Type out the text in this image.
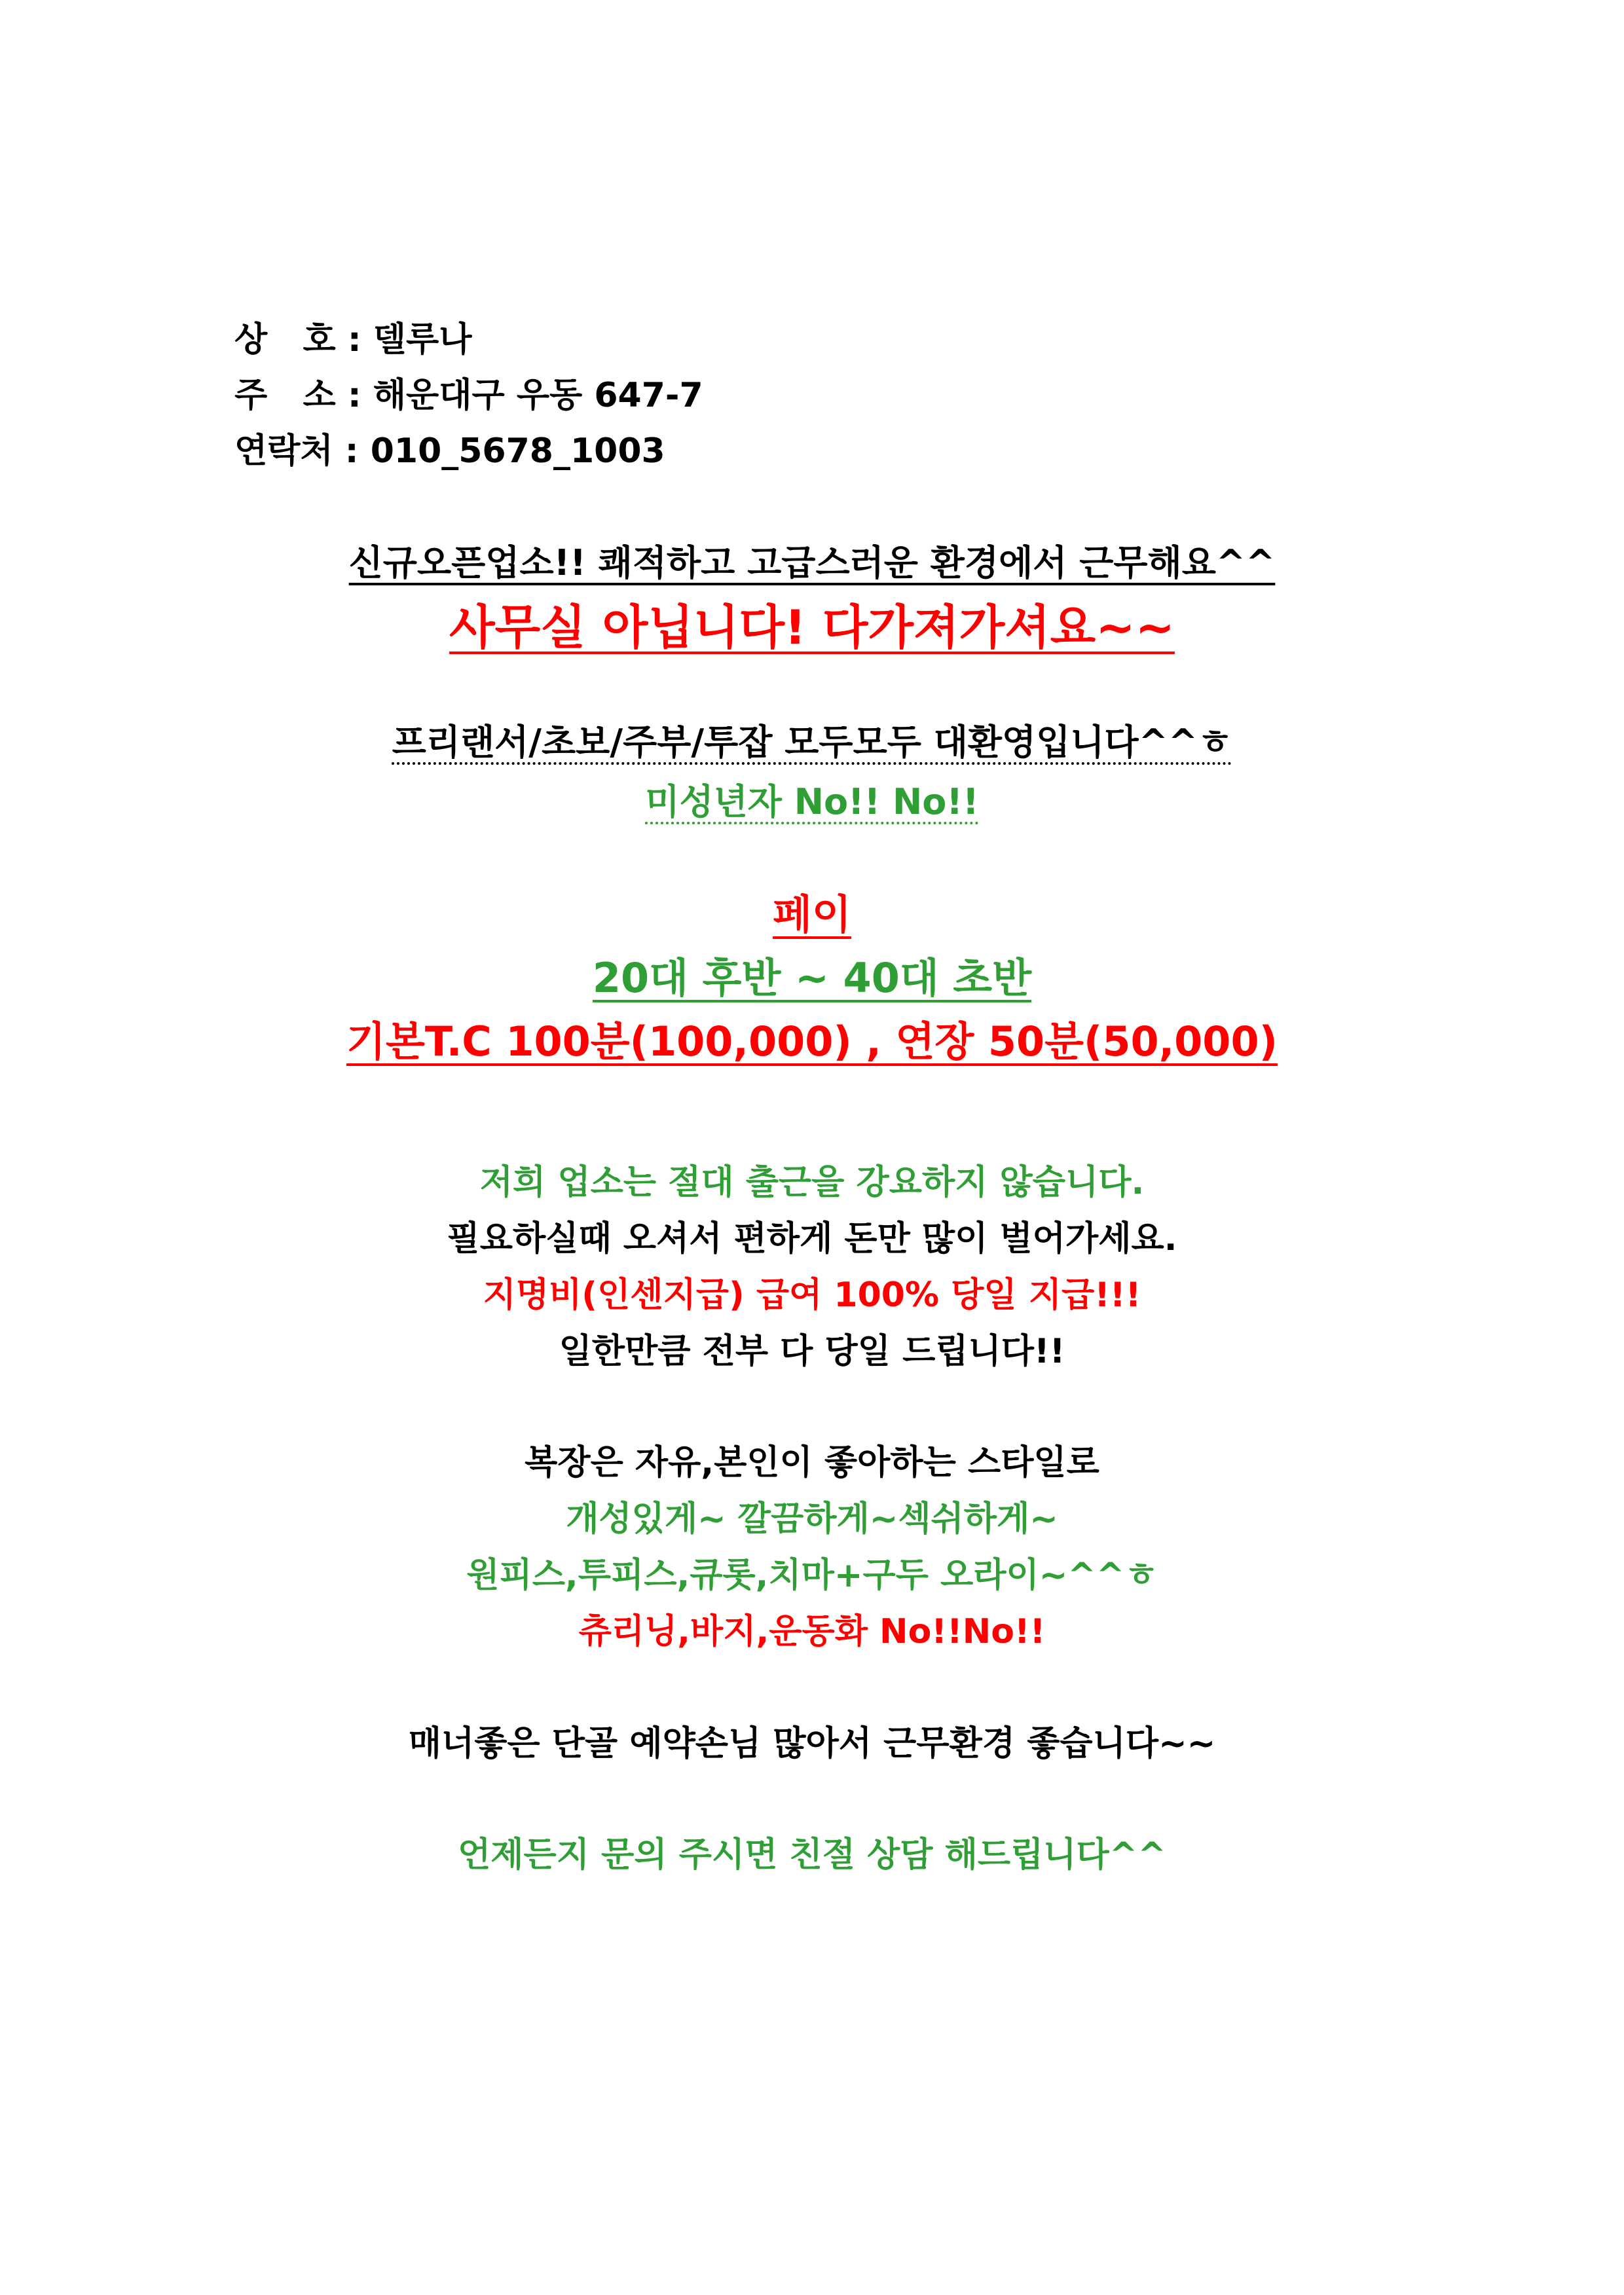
상   호 : 델루나
주   소 : 해운대구 우동 647-7
연락처 : 010_5678_1003
신규오픈업소!! 쾌적하고 고급스러운 환경에서 근무해요^^
사무실 아닙니다! 다가져가셔요~~
프리랜서/초보/주부/투잡 모두모두 대환영입니다^^ㅎ
미성년자 No!! No!!
페이
20대 후반 ~ 40대 초반
기본T.C 100분(100,000) , 연장 50분(50,000)
저희 업소는 절대 출근을 강요하지 않습니다.
필요하실때 오셔서 편하게 돈만 많이 벌어가세요.
지명비(인센지급) 급여 100% 당일 지급!!!
일한만큼 전부 다 당일 드립니다!!
복장은 자유,본인이 좋아하는 스타일로
개성있게~ 깔끔하게~섹쉬하게~
원피스,투피스,큐롯,치마+구두 오라이~^^ㅎ
츄리닝,바지,운동화 No!!No!!
매너좋은 단골 예약손님 많아서 근무환경 좋습니다~~
언제든지 문의 주시면 친절 상담 해드립니다^^
